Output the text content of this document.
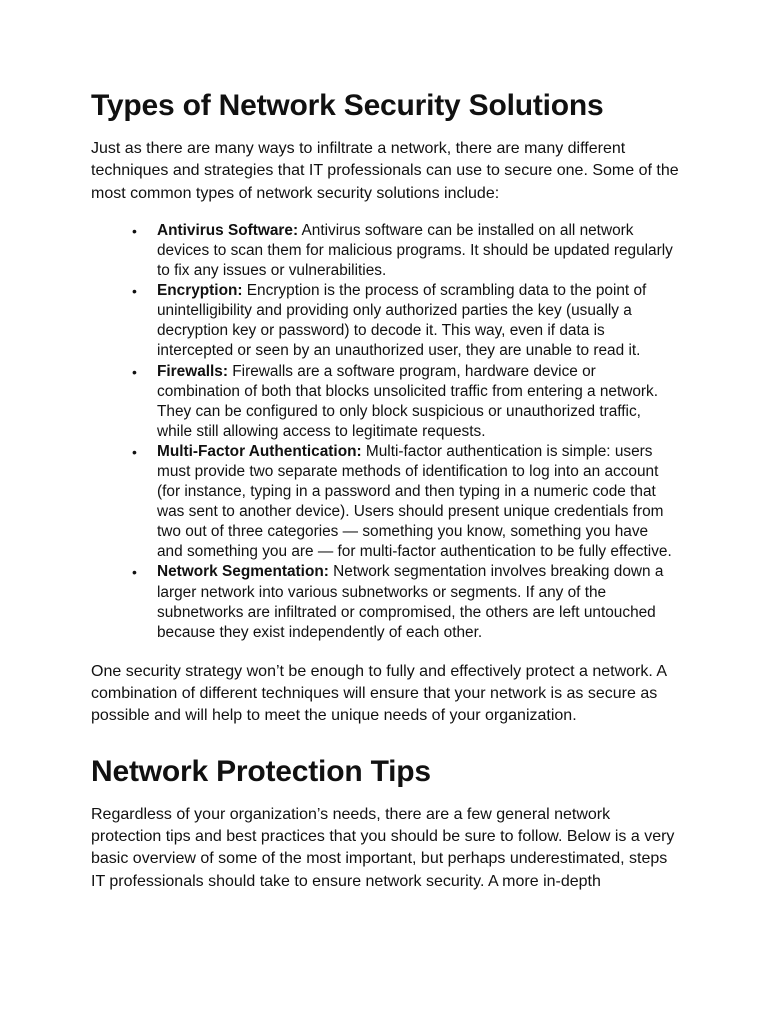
Types of Network Security Solutions

Just as there are many ways to infiltrate a network, there are many different techniques and strategies that IT professionals can use to secure one. Some of the most common types of network security solutions include:

• Antivirus Software: Antivirus software can be installed on all network devices to scan them for malicious programs. It should be updated regularly to fix any issues or vulnerabilities.
• Encryption: Encryption is the process of scrambling data to the point of unintelligibility and providing only authorized parties the key (usually a decryption key or password) to decode it. This way, even if data is intercepted or seen by an unauthorized user, they are unable to read it.
• Firewalls: Firewalls are a software program, hardware device or combination of both that blocks unsolicited traffic from entering a network. They can be configured to only block suspicious or unauthorized traffic, while still allowing access to legitimate requests.
• Multi-Factor Authentication: Multi-factor authentication is simple: users must provide two separate methods of identification to log into an account (for instance, typing in a password and then typing in a numeric code that was sent to another device). Users should present unique credentials from two out of three categories — something you know, something you have and something you are — for multi-factor authentication to be fully effective.
• Network Segmentation: Network segmentation involves breaking down a larger network into various subnetworks or segments. If any of the subnetworks are infiltrated or compromised, the others are left untouched because they exist independently of each other.

One security strategy won’t be enough to fully and effectively protect a network. A combination of different techniques will ensure that your network is as secure as possible and will help to meet the unique needs of your organization.

Network Protection Tips

Regardless of your organization’s needs, there are a few general network protection tips and best practices that you should be sure to follow. Below is a very basic overview of some of the most important, but perhaps underestimated, steps IT professionals should take to ensure network security. A more in-depth
